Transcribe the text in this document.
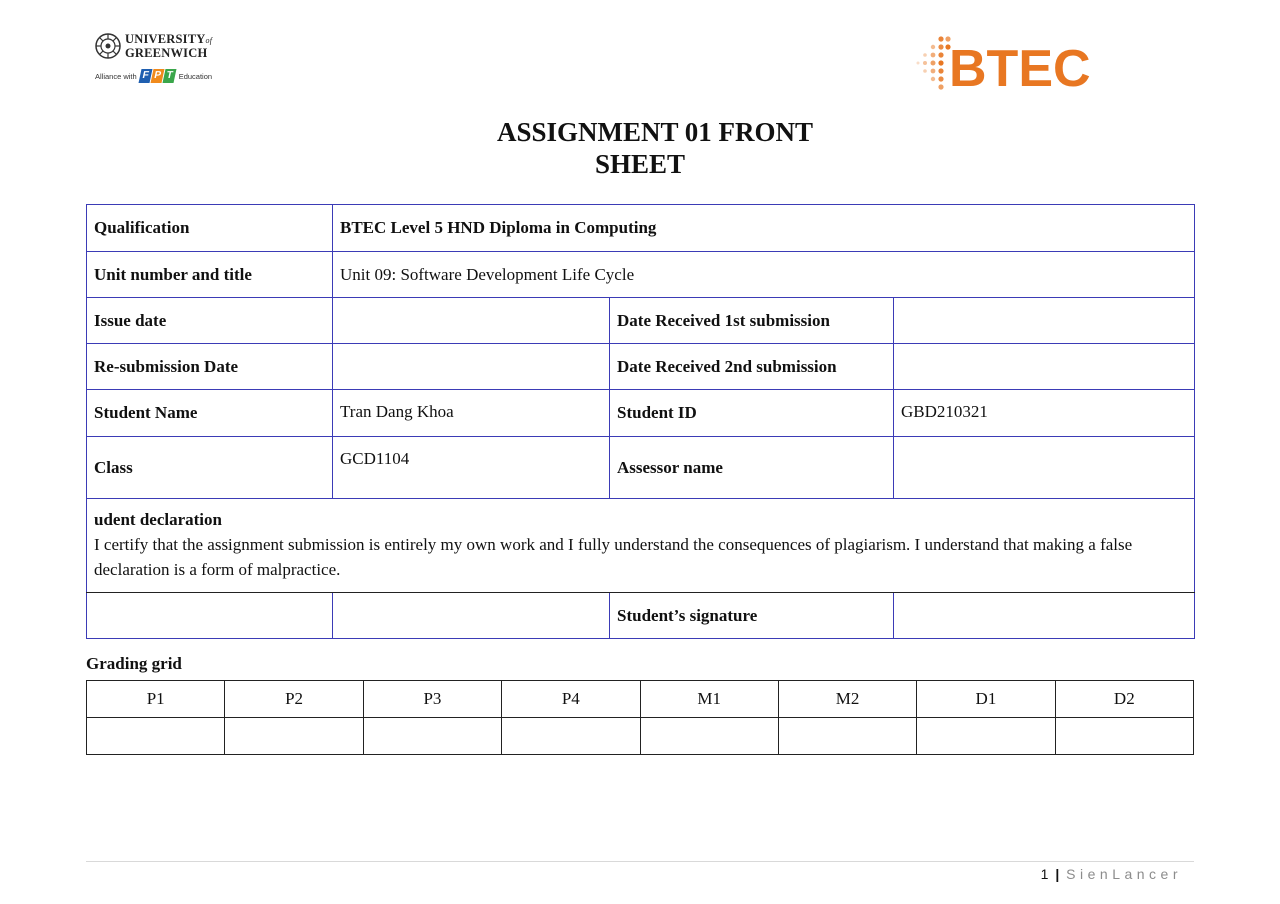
UNIVERSITYof
GREENWICH
Alliance with F P T Education	BTEC
ASSIGNMENT 01 FRONT
SHEET
Qualification	BTEC Level 5 HND Diploma in Computing		
Unit number and title	Unit 09: Software Development Life Cycle		
Issue date		Date Received 1st submission	
Re-submission Date		Date Received 2nd submission	
Student Name	Tran Dang Khoa	Student ID	GBD210321
Class	GCD1104	Assessor name	

udent declaration
I certify that the assignment submission is entirely my own work and I fully understand the consequences of plagiarism. I understand that making a false declaration is a form of malpractice.			
		Student’s signature	
Grading grid
P1	P2	P3	P4	M1	M2	D1	D2

1 | SienLancer
